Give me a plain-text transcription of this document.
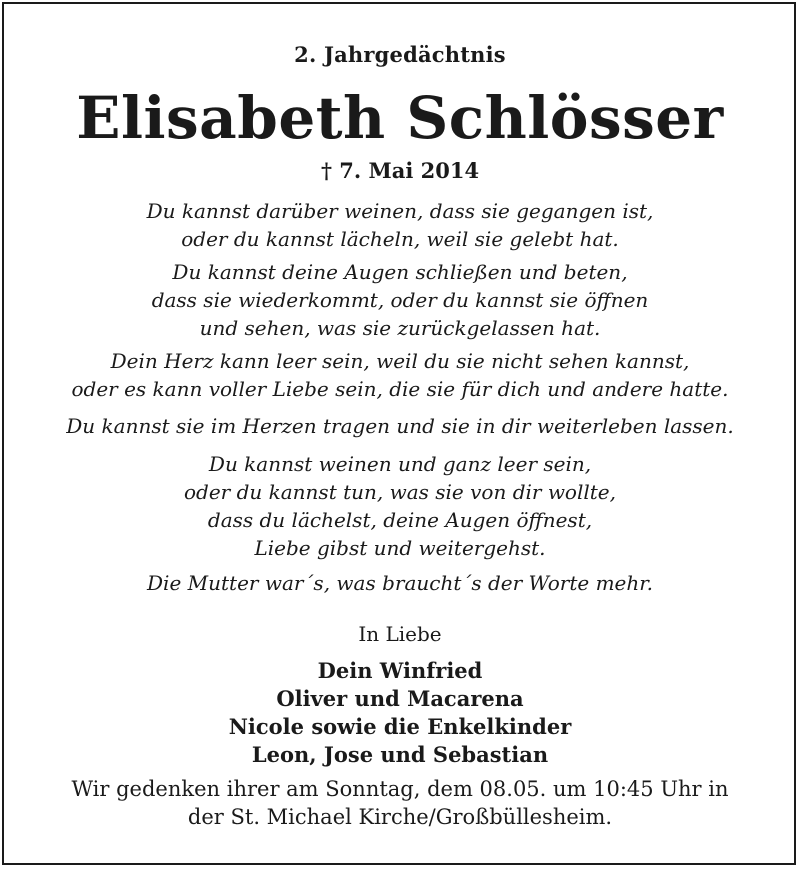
2. Jahrgedächtnis
Elisabeth Schlösser
† 7. Mai 2014
Du kannst darüber weinen, dass sie gegangen ist,
oder du kannst lächeln, weil sie gelebt hat.
Du kannst deine Augen schließen und beten,
dass sie wiederkommt, oder du kannst sie öffnen
und sehen, was sie zurückgelassen hat.
Dein Herz kann leer sein, weil du sie nicht sehen kannst,
oder es kann voller Liebe sein, die sie für dich und andere hatte.
Du kannst sie im Herzen tragen und sie in dir weiterleben lassen.
Du kannst weinen und ganz leer sein,
oder du kannst tun, was sie von dir wollte,
dass du lächelst, deine Augen öffnest,
Liebe gibst und weitergehst.
Die Mutter war´s, was braucht´s der Worte mehr.
In Liebe
Dein Winfried
Oliver und Macarena
Nicole sowie die Enkelkinder
Leon, Jose und Sebastian
Wir gedenken ihrer am Sonntag, dem 08.05. um 10:45 Uhr in
der St. Michael Kirche/Großbüllesheim.
